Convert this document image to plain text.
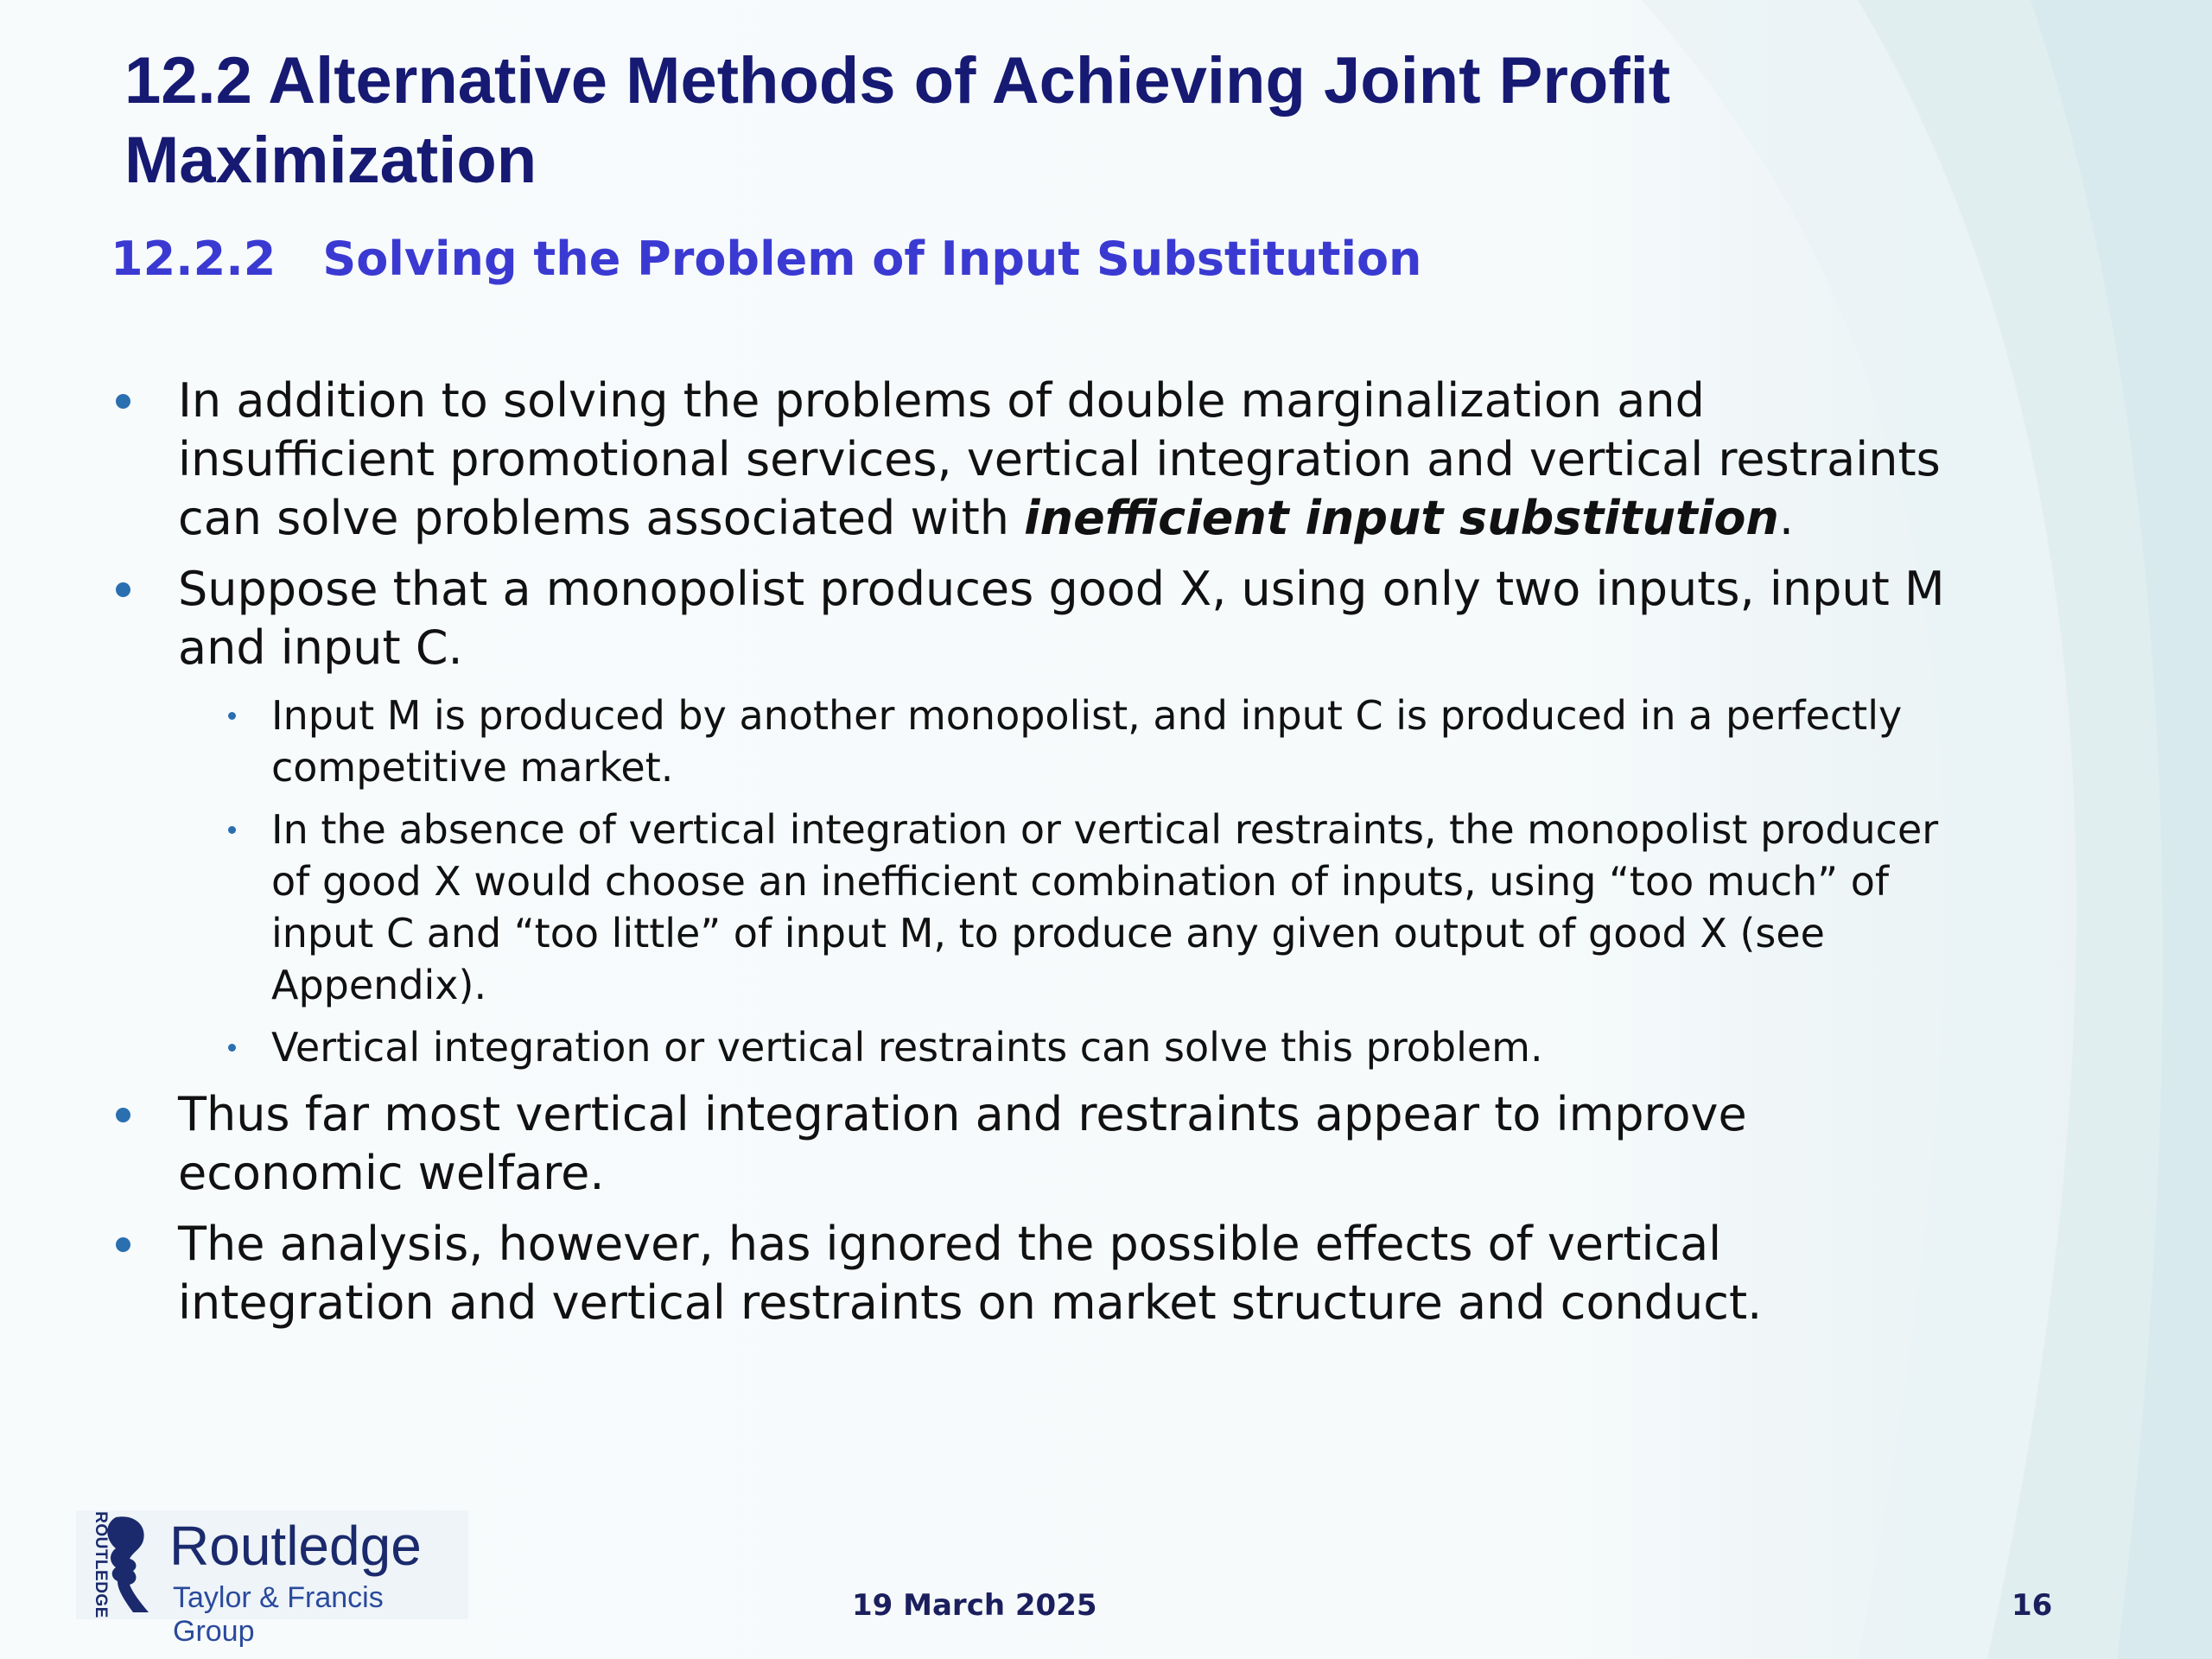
12.2 Alternative Methods of Achieving Joint Profit Maximization
12.2.2 Solving the Problem of Input Substitution

In addition to solving the problems of double marginalization and insufficient promotional services, vertical integration and vertical restraints can solve problems associated with inefficient input substitution.

Suppose that a monopolist produces good X, using only two inputs, input M and input C.

Input M is produced by another monopolist, and input C is produced in a perfectly competitive market.

In the absence of vertical integration or vertical restraints, the monopolist producer of good X would choose an inefficient combination of inputs, using “too much” of input C and “too little” of input M, to produce any given output of good X (see Appendix).

Vertical integration or vertical restraints can solve this problem.

Thus far most vertical integration and restraints appear to improve economic welfare.

The analysis, however, has ignored the possible effects of vertical integration and vertical restraints on market structure and conduct.

ROUTLEDGE Routledge
Taylor & Francis Group
19 March 2025	16
